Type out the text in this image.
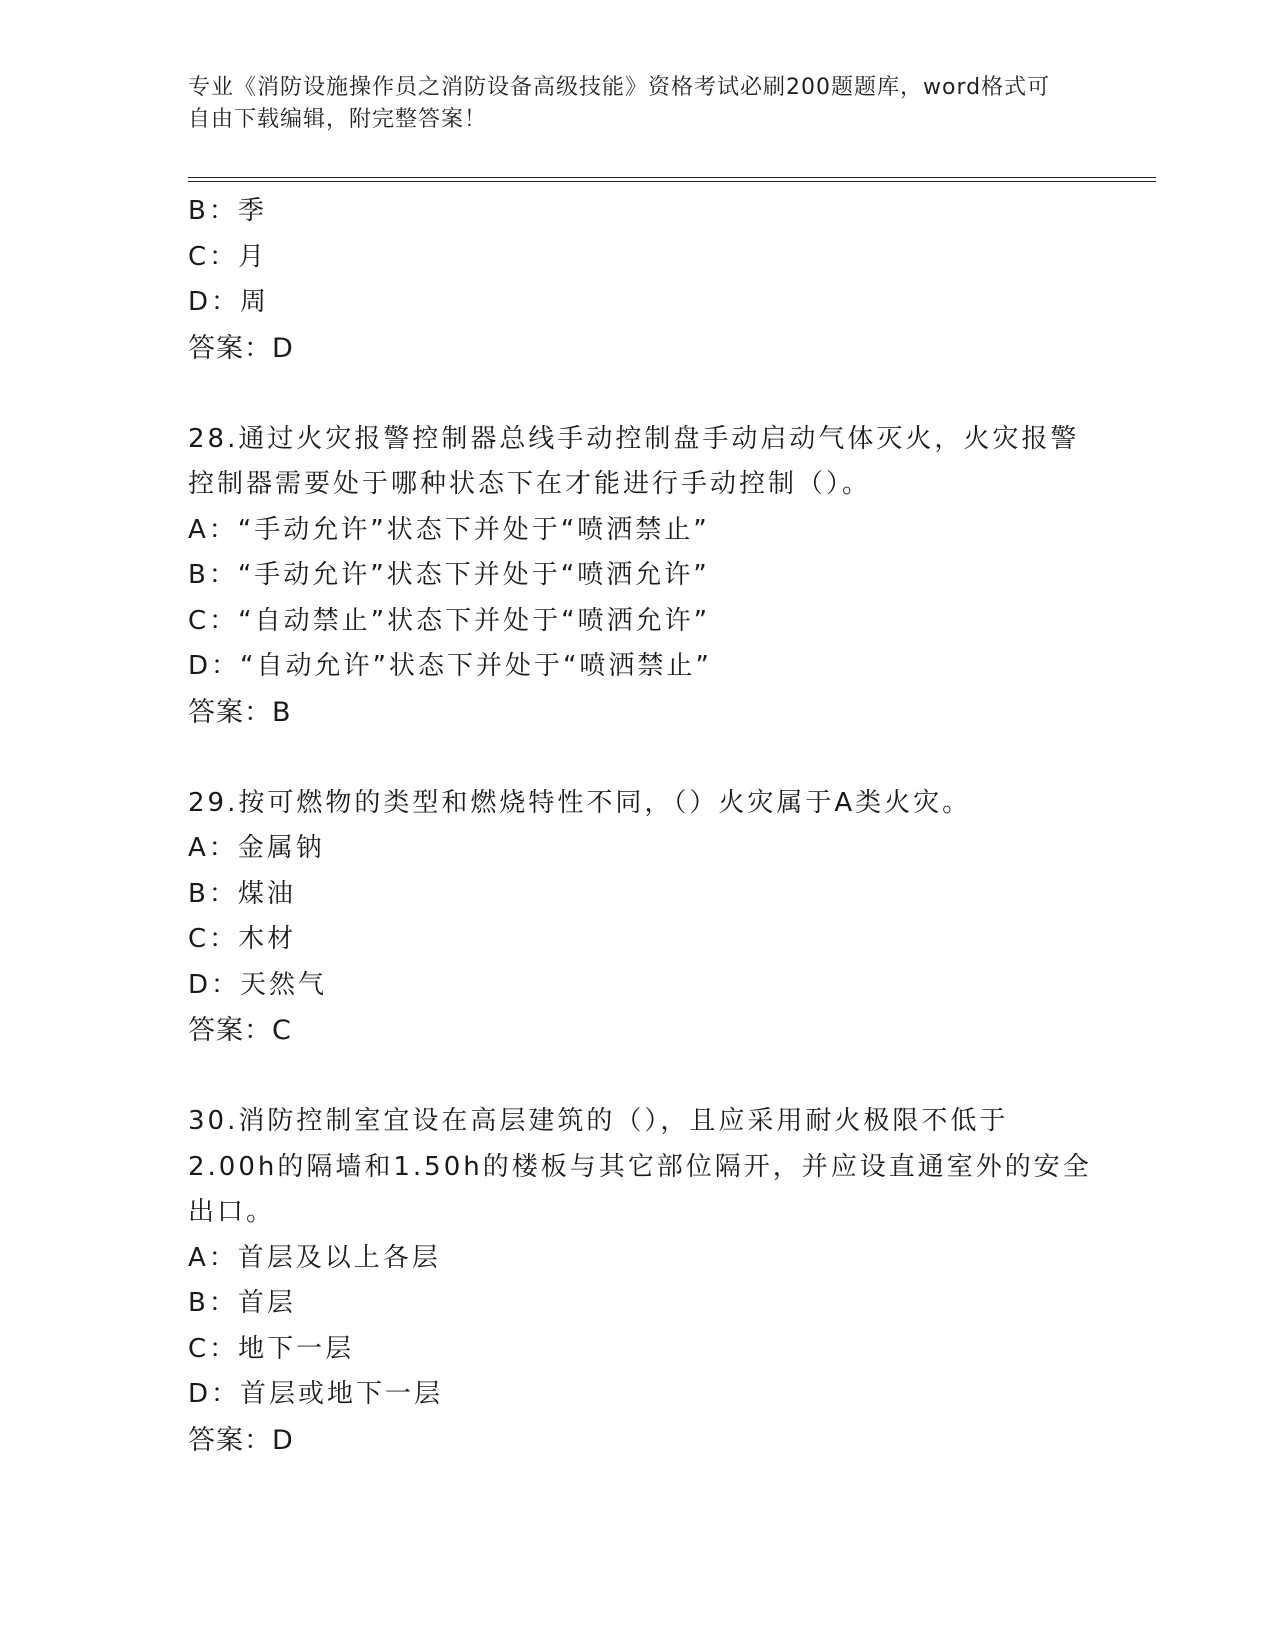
专业《消防设施操作员之消防设备高级技能》资格考试必刷200题题库，word格式可自由下载编辑，附完整答案！
B：季
C：月
D：周
答案：D
28.通过火灾报警控制器总线手动控制盘手动启动气体灭火，火灾报警
控制器需要处于哪种状态下在才能进行手动控制（）。
A：“手动允许”状态下并处于“喷洒禁止”
B：“手动允许”状态下并处于“喷洒允许”
C：“自动禁止”状态下并处于“喷洒允许”
D：“自动允许”状态下并处于“喷洒禁止”
答案：B
29.按可燃物的类型和燃烧特性不同，（）火灾属于A类火灾。
A：金属钠
B：煤油
C：木材
D：天然气
答案：C
30.消防控制室宜设在高层建筑的（），且应采用耐火极限不低于
2.00h的隔墙和1.50h的楼板与其它部位隔开，并应设直通室外的安全
出口。
A：首层及以上各层
B：首层
C：地下一层
D：首层或地下一层
答案：D
